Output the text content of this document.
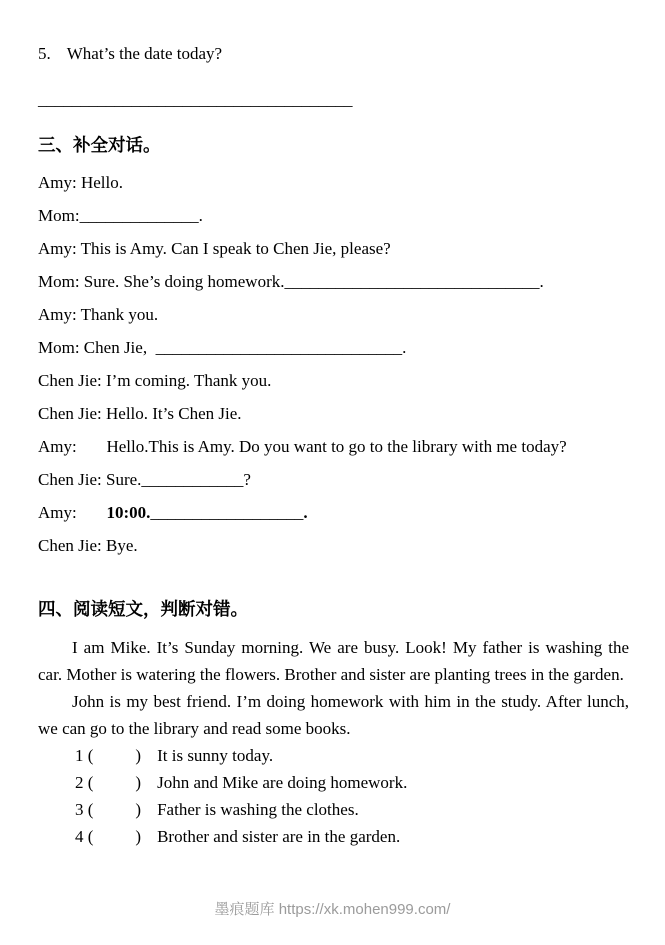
5. What’s the date today?
_____________________________________
三、补全对话。

Amy: Hello.

Mom:______________.

Amy: This is Amy. Can I speak to Chen Jie, please?

Mom: Sure. She’s doing homework.______________________________.

Amy: Thank you.

Mom: Chen Jie,  _____________________________.

Chen Jie: I’m coming. Thank you.

Chen Jie: Hello. It’s Chen Jie.

Amy:       Hello.This is Amy. Do you want to go to the library with me today?

Chen Jie: Sure.____________?

Amy:       10:00.__________________.

Chen Jie: Bye.

四、阅读短文，判断对错。

I am Mike. It’s Sunday morning. We are busy. Look! My father is washing the car. Mother is watering the flowers. Brother and sister are planting trees in the garden.

John is my best friend. I’m doing homework with him in the study. After lunch, we can go to the library and read some books.

1 ( ) It is sunny today.

2 ( ) John and Mike are doing homework.

3 ( ) Father is washing the clothes.

4 ( ) Brother and sister are in the garden.

墨痕题库 https://xk.mohen999.com/
